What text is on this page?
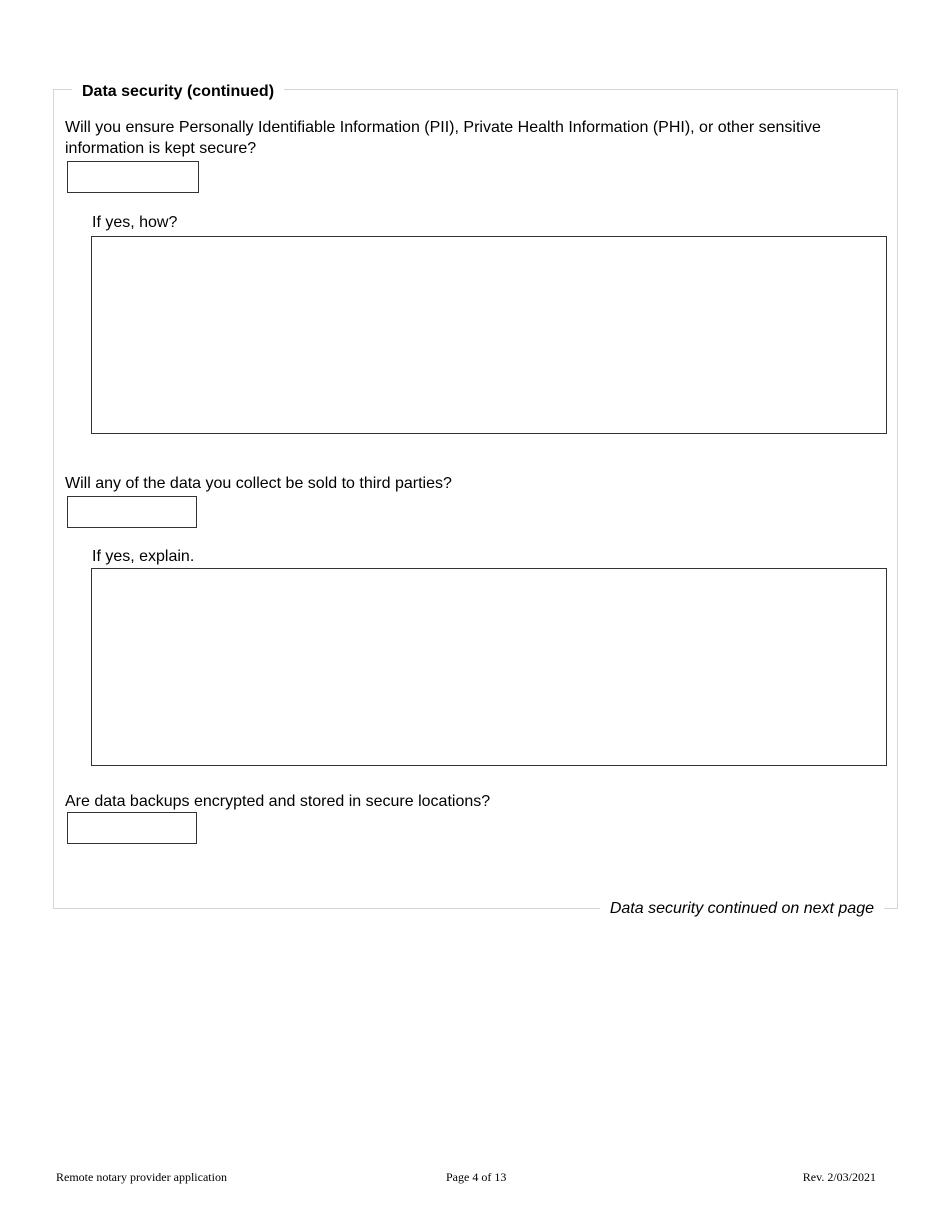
Data security (continued)
Will you ensure Personally Identifiable Information (PII), Private Health Information (PHI), or other sensitive information is kept secure?
If yes, how?
Will any of the data you collect be sold to third parties?
If yes, explain.
Are data backups encrypted and stored in secure locations?
Data security continued on next page
Remote notary provider application	Page 4 of 13	Rev. 2/03/2021
